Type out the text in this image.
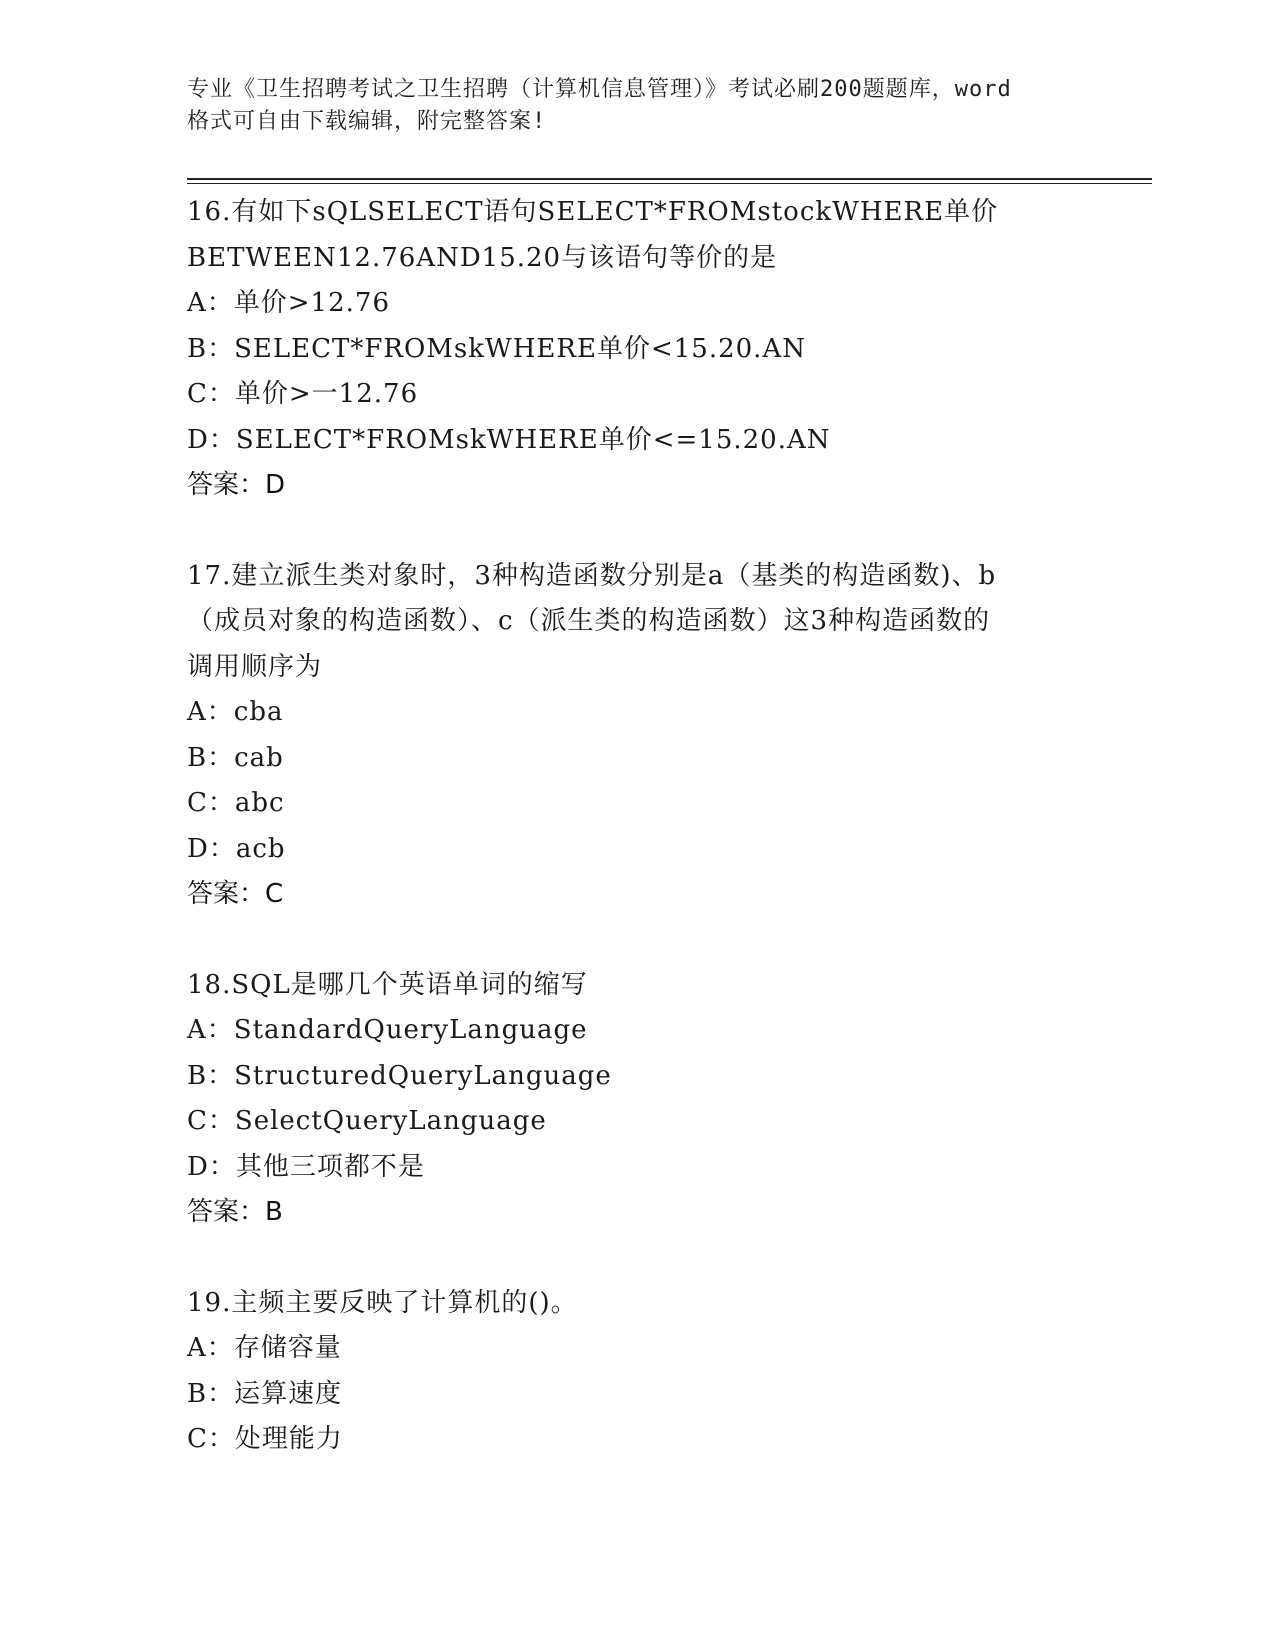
专业《卫生招聘考试之卫生招聘（计算机信息管理）》考试必刷200题题库，word
格式可自由下载编辑，附完整答案!
16.有如下sQLSELECT语句SELECT*FROMstockWHERE单价
BETWEEN12.76AND15.20与该语句等价的是
A：单价>12.76
B：SELECT*FROMskWHERE单价<15.20.AN
C：单价>一12.76
D：SELECT*FROMskWHERE单价<=15.20.AN
答案：D
17.建立派生类对象时，3种构造函数分别是a（基类的构造函数)、b
（成员对象的构造函数）、c（派生类的构造函数）这3种构造函数的
调用顺序为
A：cba
B：cab
C：abc
D：acb
答案：C
18.SQL是哪几个英语单词的缩写
A：StandardQueryLanguage
B：StructuredQueryLanguage
C：SelectQueryLanguage
D：其他三项都不是
答案：B
19.主频主要反映了计算机的()。
A：存储容量
B：运算速度
C：处理能力
